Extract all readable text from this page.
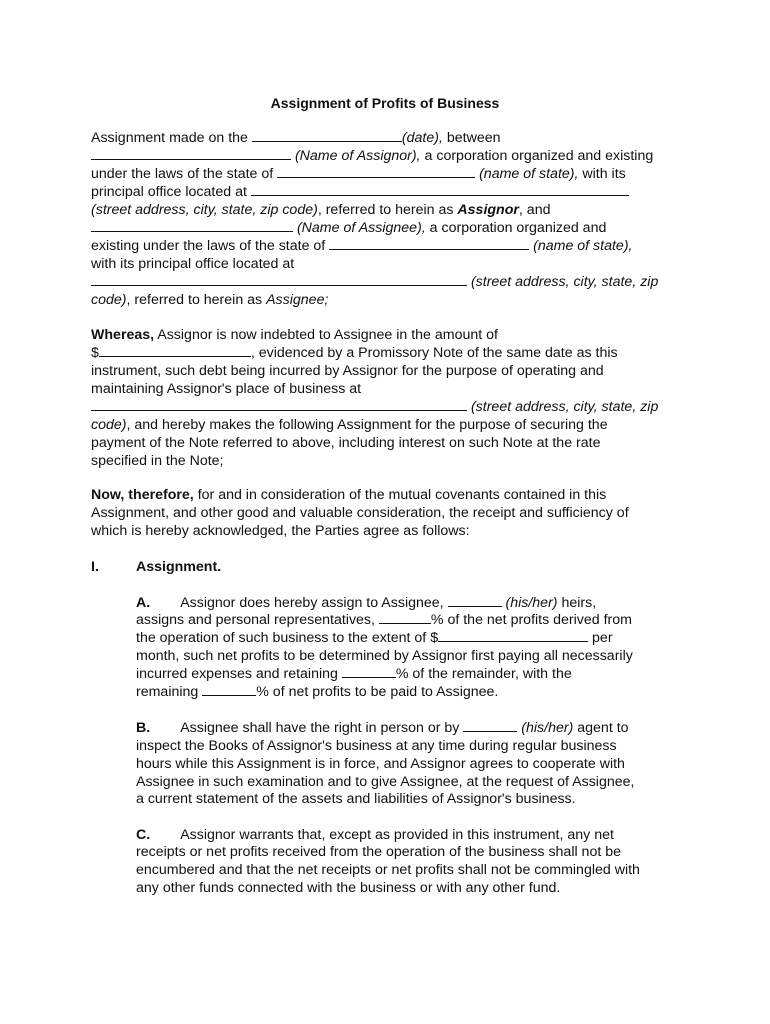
Assignment of Profits of Business
Assignment made on the	(date), between
(Name of Assignor), a corporation organized and existing
under the laws of the state of	(name of state), with its
principal office located at
(street address, city, state, zip code), referred to herein as Assignor, and
(Name of Assignee), a corporation organized and
existing under the laws of the state of	(name of state),
with its principal office located at
(street address, city, state, zip
code), referred to herein as Assignee;
Whereas, Assignor is now indebted to Assignee in the amount of
$	, evidenced by a Promissory Note of the same date as this
instrument, such debt being incurred by Assignor for the purpose of operating and
maintaining Assignor's place of business at
(street address, city, state, zip
code), and hereby makes the following Assignment for the purpose of securing the
payment of the Note referred to above, including interest on such Note at the rate
specified in the Note;
Now, therefore, for and in consideration of the mutual covenants contained in this
Assignment, and other good and valuable consideration, the receipt and sufficiency of
which is hereby acknowledged, the Parties agree as follows:
I.	Assignment.
A. Assignor does hereby assign to Assignee,	(his/her) heirs,
assigns and personal representatives,	% of the net profits derived from
the operation of such business to the extent of $	per
month, such net profits to be determined by Assignor first paying all necessarily
incurred expenses and retaining	% of the remainder, with the
remaining	% of net profits to be paid to Assignee.
B. Assignee shall have the right in person or by	(his/her) agent to
inspect the Books of Assignor's business at any time during regular business
hours while this Assignment is in force, and Assignor agrees to cooperate with
Assignee in such examination and to give Assignee, at the request of Assignee,
a current statement of the assets and liabilities of Assignor's business.
C. Assignor warrants that, except as provided in this instrument, any net
receipts or net profits received from the operation of the business shall not be
encumbered and that the net receipts or net profits shall not be commingled with
any other funds connected with the business or with any other fund.
